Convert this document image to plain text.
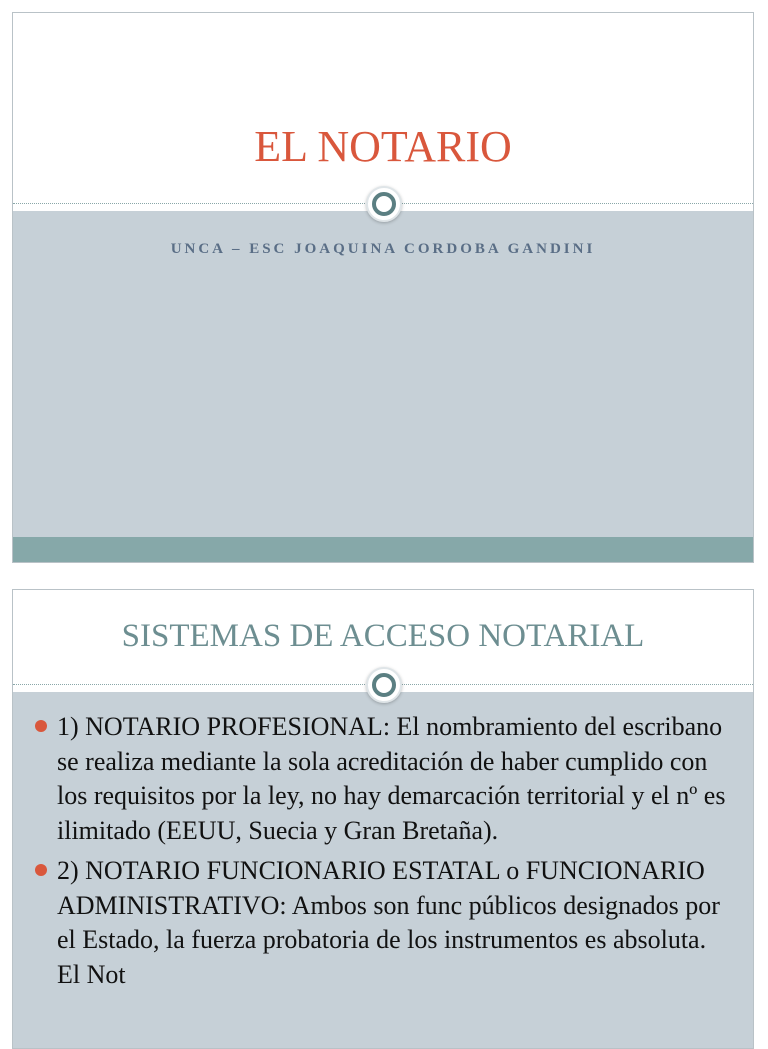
EL NOTARIO
UNCA – ESC JOAQUINA CORDOBA GANDINI
SISTEMAS DE ACCESO NOTARIAL
1) NOTARIO PROFESIONAL: El nombramiento del escribano se realiza mediante la sola acreditación de haber cumplido con los requisitos por la ley, no hay demarcación territorial y el nº es ilimitado (EEUU, Suecia y Gran Bretaña).
2) NOTARIO FUNCIONARIO ESTATAL o FUNCIONARIO ADMINISTRATIVO: Ambos son func públicos designados por el Estado, la fuerza probatoria de los instrumentos es absoluta. El Not
